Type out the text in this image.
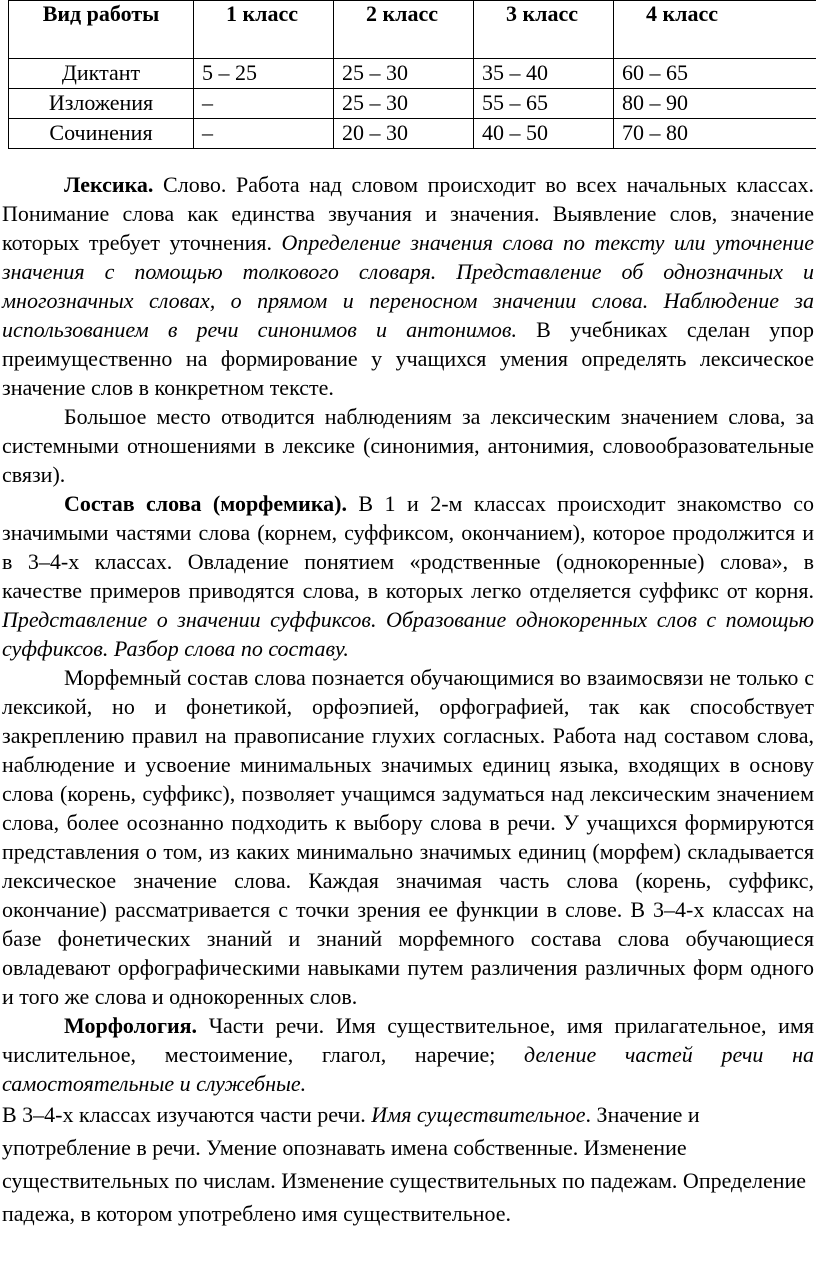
Вид работы	1 класс	2 класс	3 класс	4 класс
Диктант	5 – 25	25 – 30	35 – 40	60 – 65
Изложения	–	25 – 30	55 – 65	80 – 90
Сочинения	–	20 – 30	40 – 50	70 – 80

Лексика. Слово. Работа над словом происходит во всех начальных классах. Понимание слова как единства звучания и значения. Выявление слов, значение которых требует уточнения. Определение значения слова по тексту или уточнение значения с помощью толкового словаря. Представление об однозначных и многозначных словах, о прямом и переносном значении слова. Наблюдение за использованием в речи синонимов и антонимов. В учебниках сделан упор преимущественно на формирование у учащихся умения определять лексическое значение слов в конкретном тексте.

Большое место отводится наблюдениям за лексическим значением слова, за системными отношениями в лексике (синонимия, антонимия, словообразовательные связи).

Состав слова (морфемика). В 1 и 2-м классах происходит знакомство со значимыми частями слова (корнем, суффиксом, окончанием), которое продолжится и в 3–4-х классах. Овладение понятием «родственные (однокоренные) слова», в качестве примеров приводятся слова, в которых легко отделяется суффикс от корня. Представление о значении суффиксов. Образование однокоренных слов с помощью суффиксов. Разбор слова по составу.

Морфемный состав слова познается обучающимися во взаимосвязи не только с лексикой, но и фонетикой, орфоэпией, орфографией, так как способствует закреплению правил на правописание глухих согласных. Работа над составом слова, наблюдение и усвоение минимальных значимых единиц языка, входящих в основу слова (корень, суффикс), позволяет учащимся задуматься над лексическим значением слова, более осознанно подходить к выбору слова в речи. У учащихся формируются представления о том, из каких минимально значимых единиц (морфем) складывается лексическое значение слова. Каждая значимая часть слова (корень, суффикс, окончание) рассматривается с точки зрения ее функции в слове. В 3–4-х классах на базе фонетических знаний и знаний морфемного состава слова обучающиеся овладевают орфографическими навыками путем различения различных форм одного и того же слова и однокоренных слов.

Морфология. Части речи. Имя существительное, имя прилагательное, имя числительное, местоимение, глагол, наречие; деление частей речи на самостоятельные и служебные.

В 3–4-х классах изучаются части речи. Имя существительное. Значение и употребление в речи. Умение опознавать имена собственные. Изменение существительных по числам. Изменение существительных по падежам. Определение падежа, в котором употреблено имя существительное.
